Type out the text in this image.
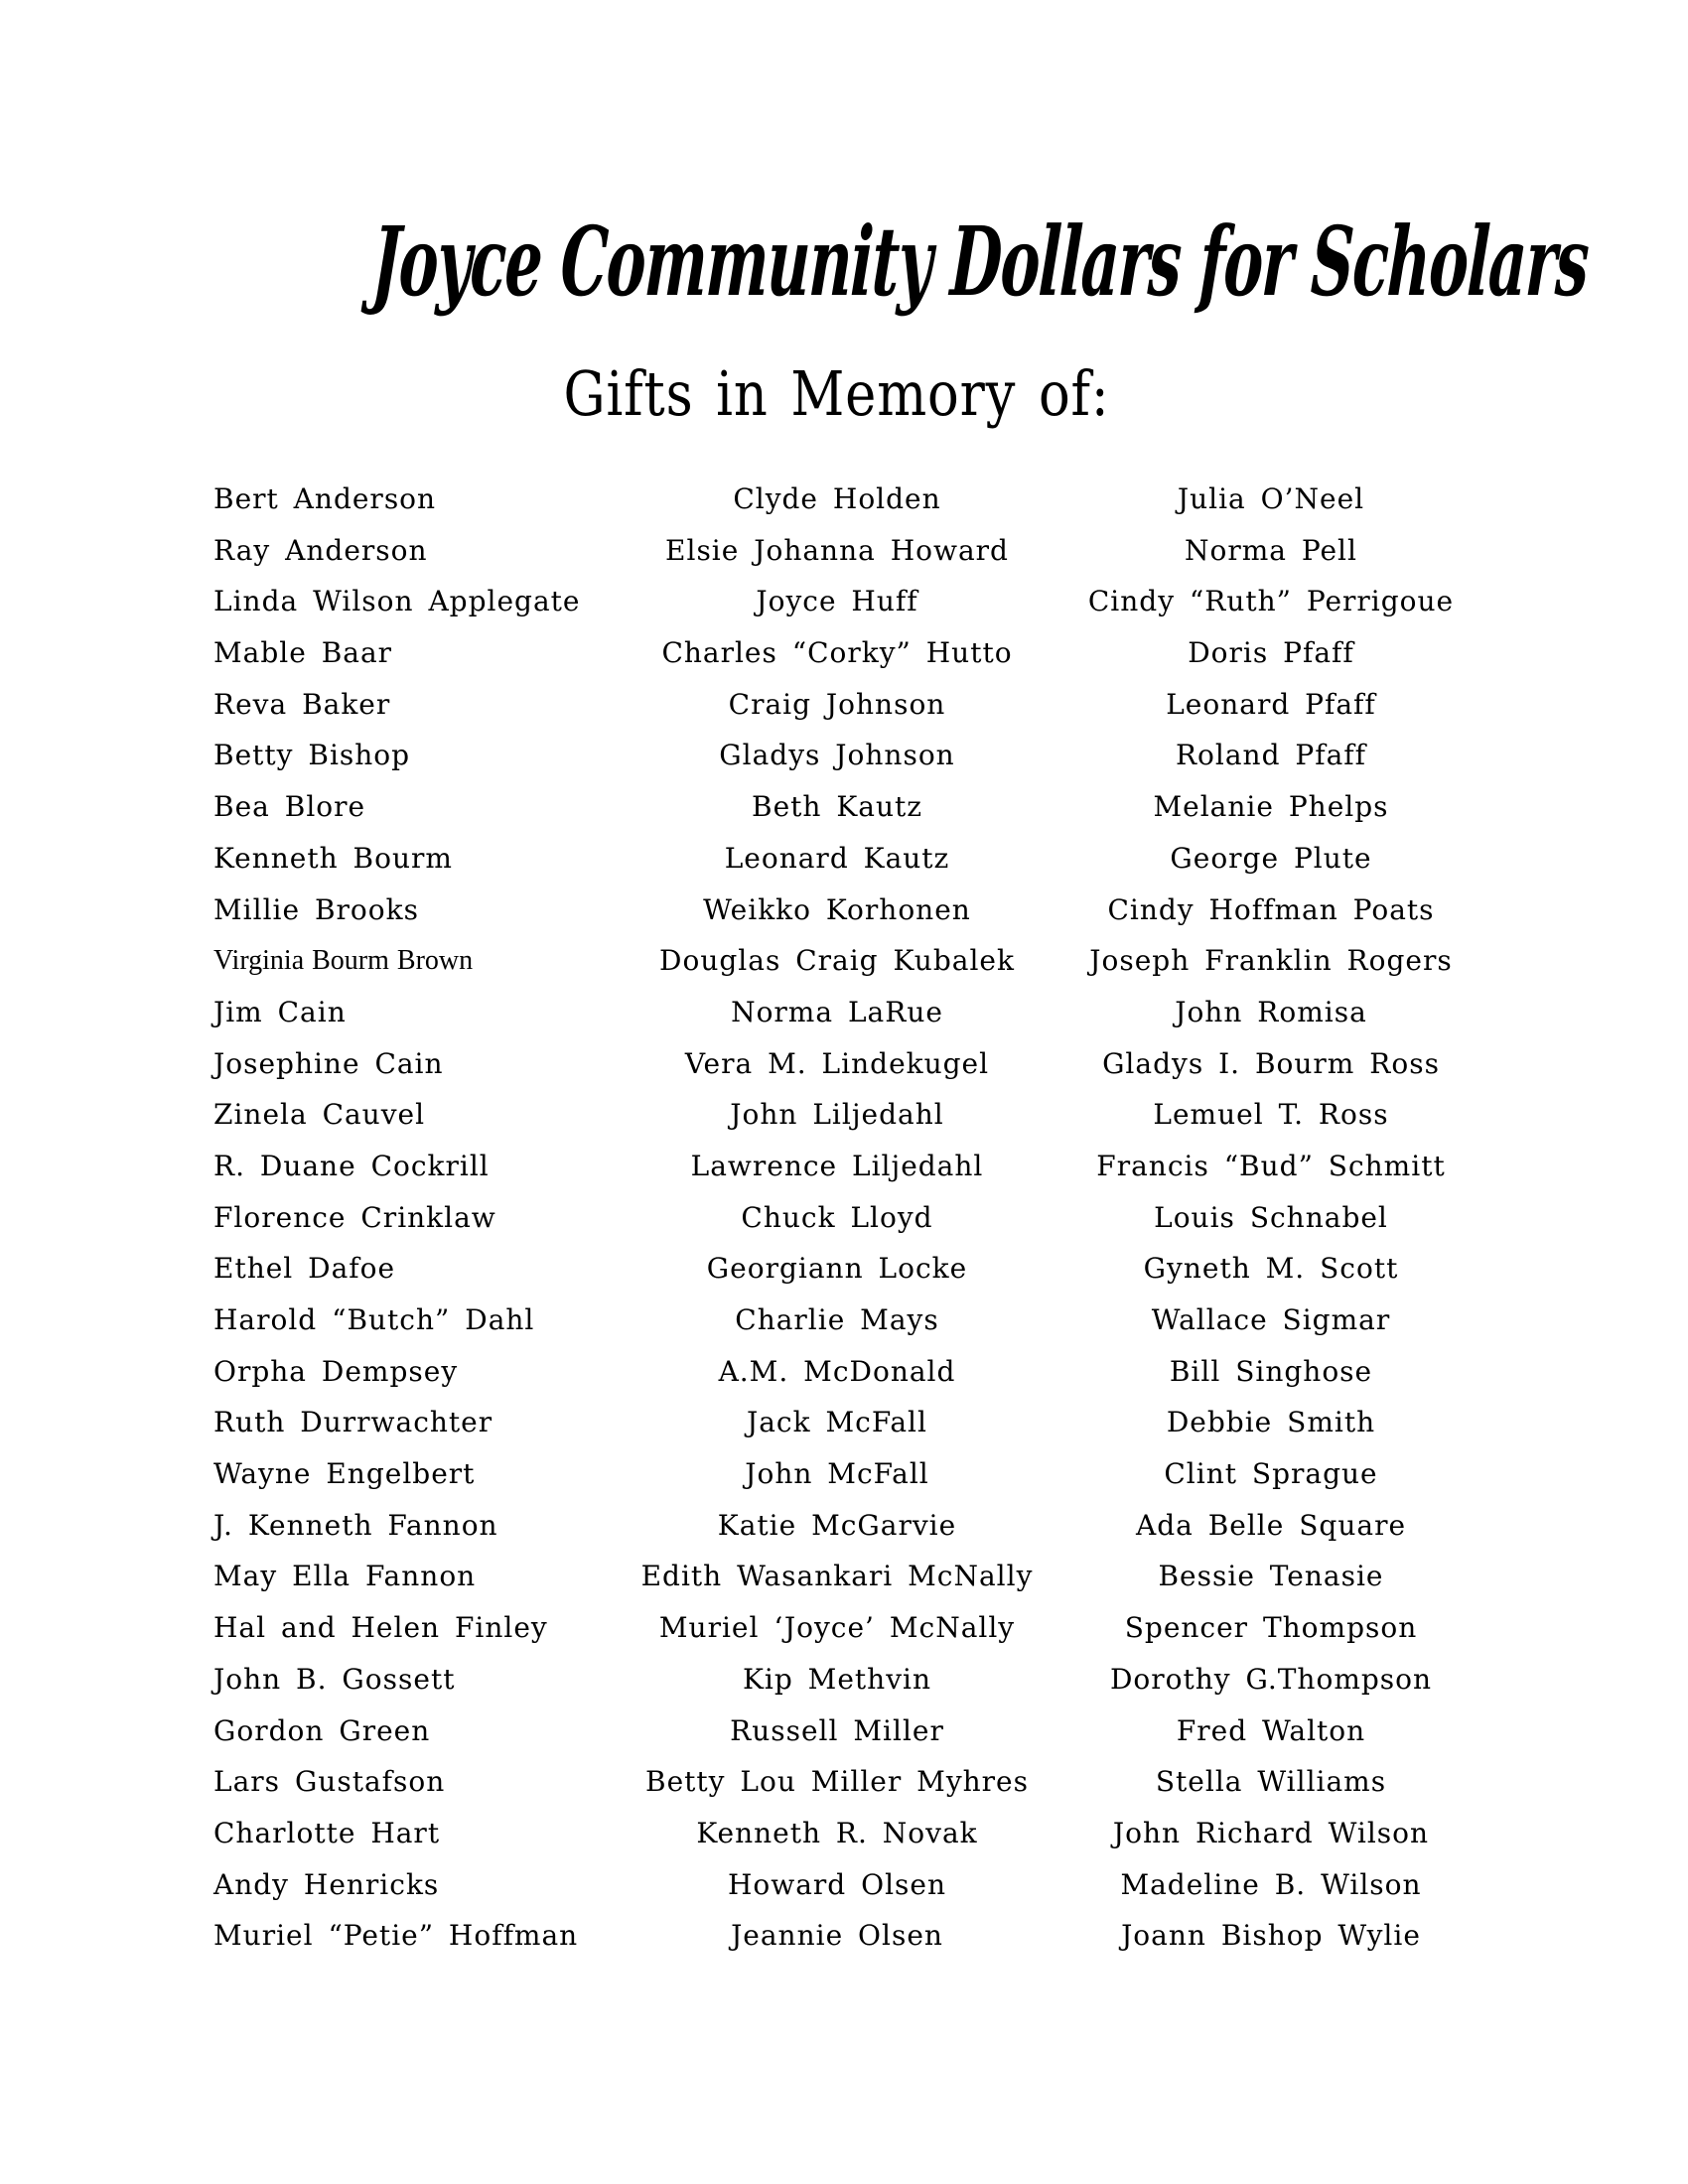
Joyce Community Dollars for Scholars
Gifts in Memory of:
Bert Anderson
Ray Anderson
Linda Wilson Applegate
Mable Baar
Reva Baker
Betty Bishop
Bea Blore
Kenneth Bourm
Millie Brooks
Virginia Bourm Brown
Jim Cain
Josephine Cain
Zinela Cauvel
R. Duane Cockrill
Florence Crinklaw
Ethel Dafoe
Harold “Butch” Dahl
Orpha Dempsey
Ruth Durrwachter
Wayne Engelbert
J. Kenneth Fannon
May Ella Fannon
Hal and Helen Finley
John B. Gossett
Gordon Green
Lars Gustafson
Charlotte Hart
Andy Henricks
Muriel “Petie” Hoffman
Clyde Holden
Elsie Johanna Howard
Joyce Huff
Charles “Corky” Hutto
Craig Johnson
Gladys Johnson
Beth Kautz
Leonard Kautz
Weikko Korhonen
Douglas Craig Kubalek
Norma LaRue
Vera M. Lindekugel
John Liljedahl
Lawrence Liljedahl
Chuck Lloyd
Georgiann Locke
Charlie Mays
A.M. McDonald
Jack McFall
John McFall
Katie McGarvie
Edith Wasankari McNally
Muriel ‘Joyce’ McNally
Kip Methvin
Russell Miller
Betty Lou Miller Myhres
Kenneth R. Novak
Howard Olsen
Jeannie Olsen
Julia O’Neel
Norma Pell
Cindy “Ruth” Perrigoue
Doris Pfaff
Leonard Pfaff
Roland Pfaff
Melanie Phelps
George Plute
Cindy Hoffman Poats
Joseph Franklin Rogers
John Romisa
Gladys I. Bourm Ross
Lemuel T. Ross
Francis “Bud” Schmitt
Louis Schnabel
Gyneth M. Scott
Wallace Sigmar
Bill Singhose
Debbie Smith
Clint Sprague
Ada Belle Square
Bessie Tenasie
Spencer Thompson
Dorothy G.Thompson
Fred Walton
Stella Williams
John Richard Wilson
Madeline B. Wilson
Joann Bishop Wylie
